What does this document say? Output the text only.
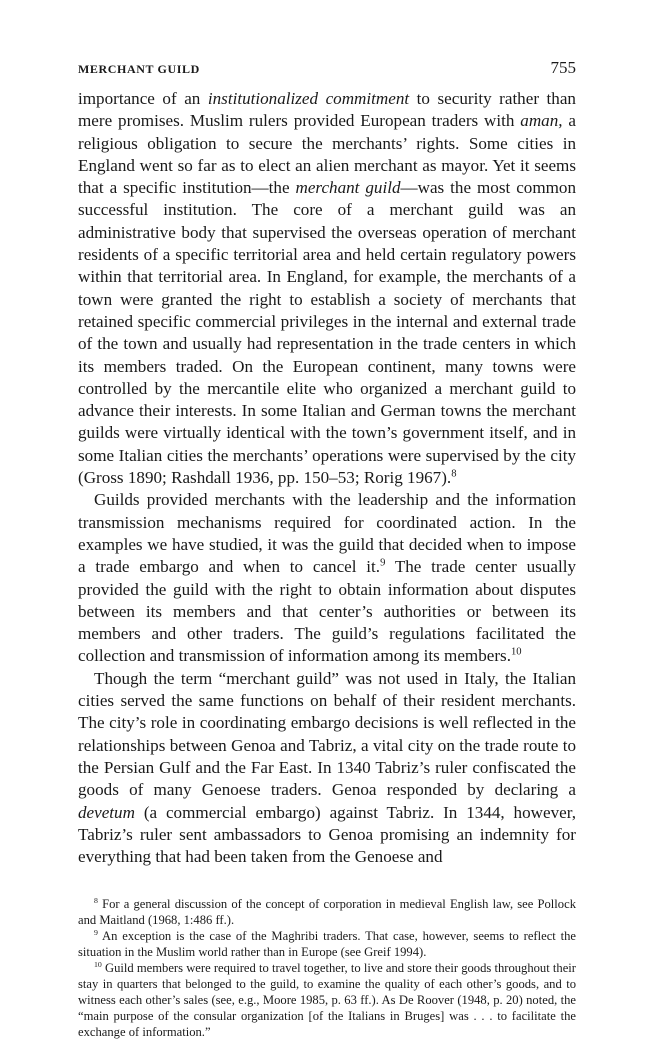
MERCHANT GUILD	755

importance of an institutionalized commitment to security rather than mere promises. Muslim rulers provided European traders with aman, a religious obligation to secure the merchants’ rights. Some cities in England went so far as to elect an alien merchant as mayor. Yet it seems that a specific institution—the merchant guild—was the most common successful institution. The core of a merchant guild was an administrative body that supervised the overseas operation of merchant residents of a specific territorial area and held certain regulatory powers within that territorial area. In England, for example, the merchants of a town were granted the right to establish a society of merchants that retained specific commercial privileges in the internal and external trade of the town and usually had representation in the trade centers in which its members traded. On the European continent, many towns were controlled by the mercantile elite who organized a merchant guild to advance their interests. In some Italian and German towns the merchant guilds were virtually identical with the town’s government itself, and in some Italian cities the merchants’ operations were supervised by the city (Gross 1890; Rashdall 1936, pp. 150–53; Rorig 1967).$^8$

Guilds provided merchants with the leadership and the information transmission mechanisms required for coordinated action. In the examples we have studied, it was the guild that decided when to impose a trade embargo and when to cancel it.$^9$ The trade center usually provided the guild with the right to obtain information about disputes between its members and that center’s authorities or between its members and other traders. The guild’s regulations facilitated the collection and transmission of information among its members.$^{10}$

Though the term “merchant guild” was not used in Italy, the Italian cities served the same functions on behalf of their resident merchants. The city’s role in coordinating embargo decisions is well reflected in the relationships between Genoa and Tabriz, a vital city on the trade route to the Persian Gulf and the Far East. In 1340 Tabriz’s ruler confiscated the goods of many Genoese traders. Genoa responded by declaring a devetum (a commercial embargo) against Tabriz. In 1344, however, Tabriz’s ruler sent ambassadors to Genoa promising an indemnity for everything that had been taken from the Genoese and

$^8$ For a general discussion of the concept of corporation in medieval English law, see Pollock and Maitland (1968, 1:486 ff.).

$^9$ An exception is the case of the Maghribi traders. That case, however, seems to reflect the situation in the Muslim world rather than in Europe (see Greif 1994).

$^{10}$ Guild members were required to travel together, to live and store their goods throughout their stay in quarters that belonged to the guild, to examine the quality of each other’s goods, and to witness each other’s sales (see, e.g., Moore 1985, p. 63 ff.). As De Roover (1948, p. 20) noted, the “main purpose of the consular organization [of the Italians in Bruges] was . . . to facilitate the exchange of information.”
